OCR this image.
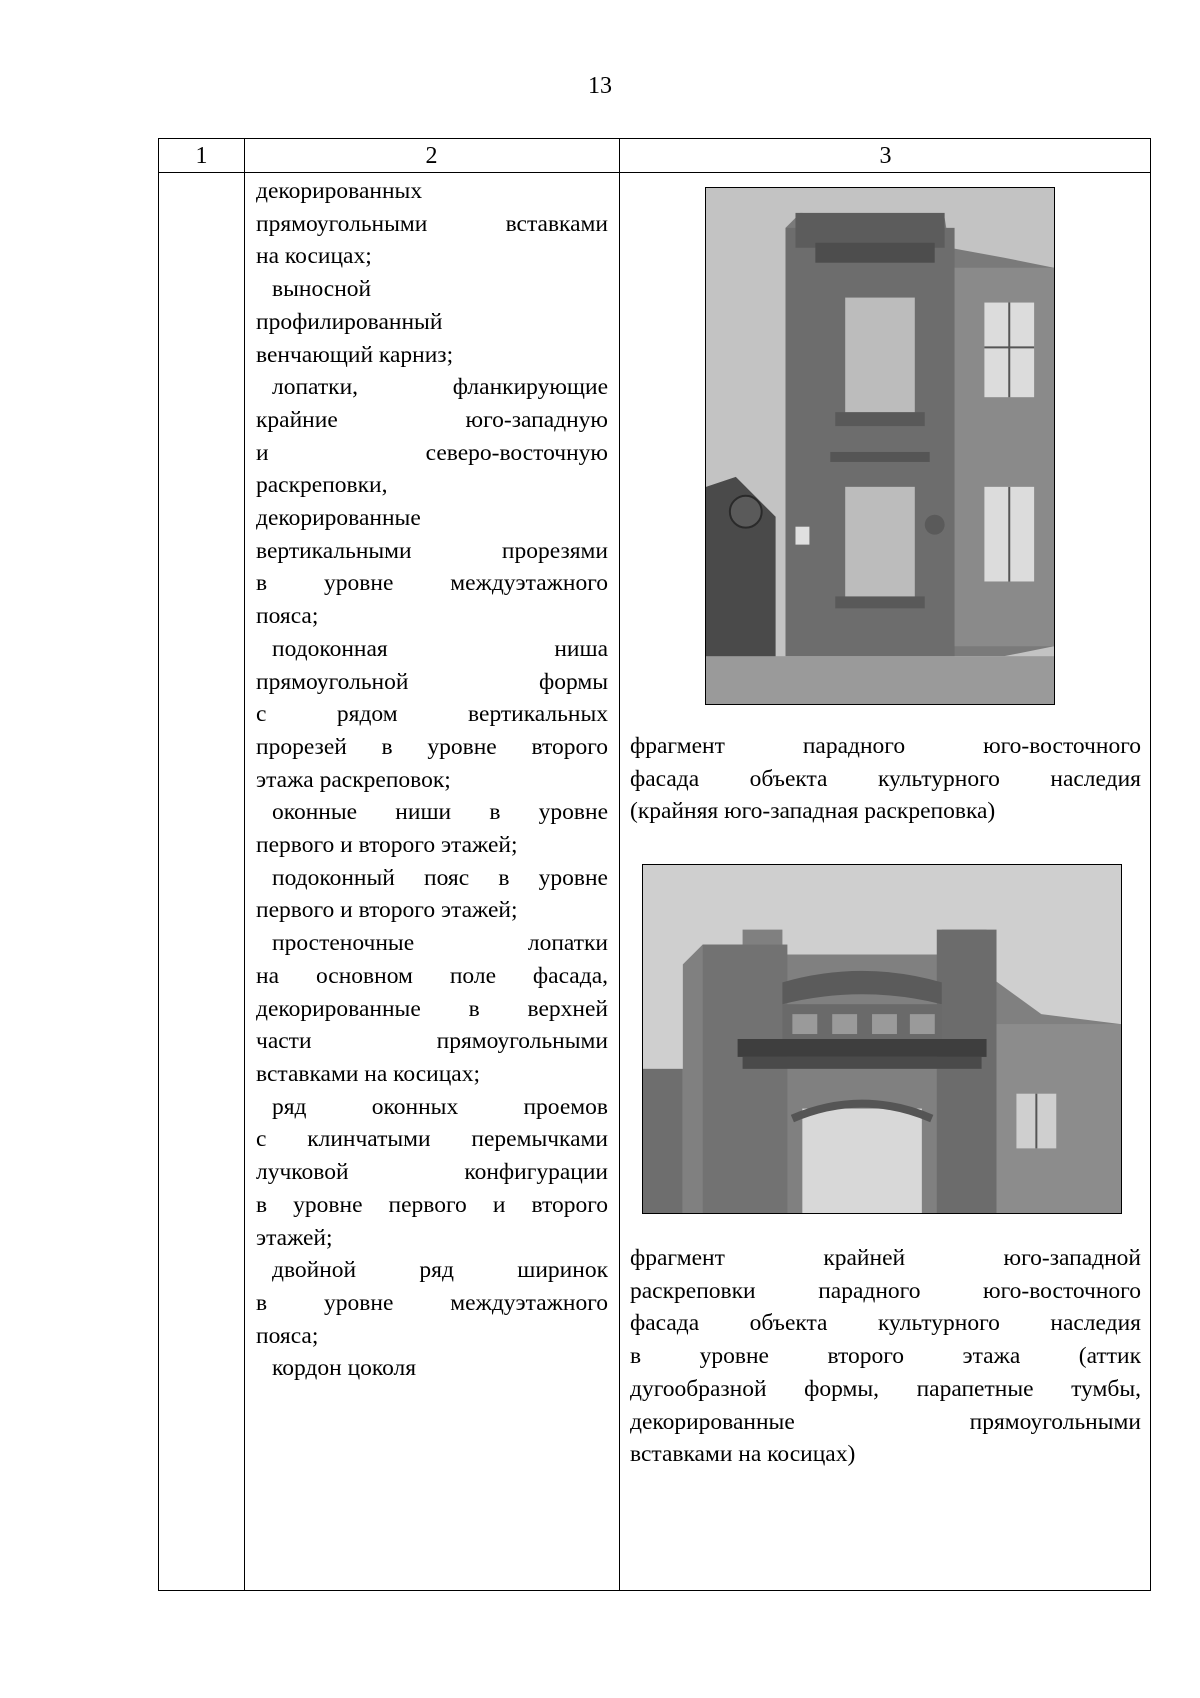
13
1	2	3
декорированных
прямоугольными вставками
на косицах;
выносной
профилированный
венчающий карниз;
лопатки, фланкирующие
крайние юго-западную
и северо-восточную
раскреповки,
декорированные
вертикальными прорезями
в уровне междуэтажного
пояса;
подоконная ниша
прямоугольной формы
с рядом вертикальных
прорезей в уровне второго
этажа раскреповок;
оконные ниши в уровне
первого и второго этажей;
подоконный пояс в уровне
первого и второго этажей;
простеночные лопатки
на основном поле фасада,
декорированные в верхней
части прямоугольными
вставками на косицах;
ряд оконных проемов
с клинчатыми перемычками
лучковой конфигурации
в уровне первого и второго
этажей;
двойной ряд ширинок
в уровне междуэтажного
пояса;
кордон цоколя
фрагмент парадного юго-восточного
фасада объекта культурного наследия
(крайняя юго-западная раскреповка)
фрагмент крайней юго-западной
раскреповки парадного юго-восточного
фасада объекта культурного наследия
в уровне второго этажа (аттик
дугообразной формы, парапетные тумбы,
декорированные прямоугольными
вставками на косицах)
